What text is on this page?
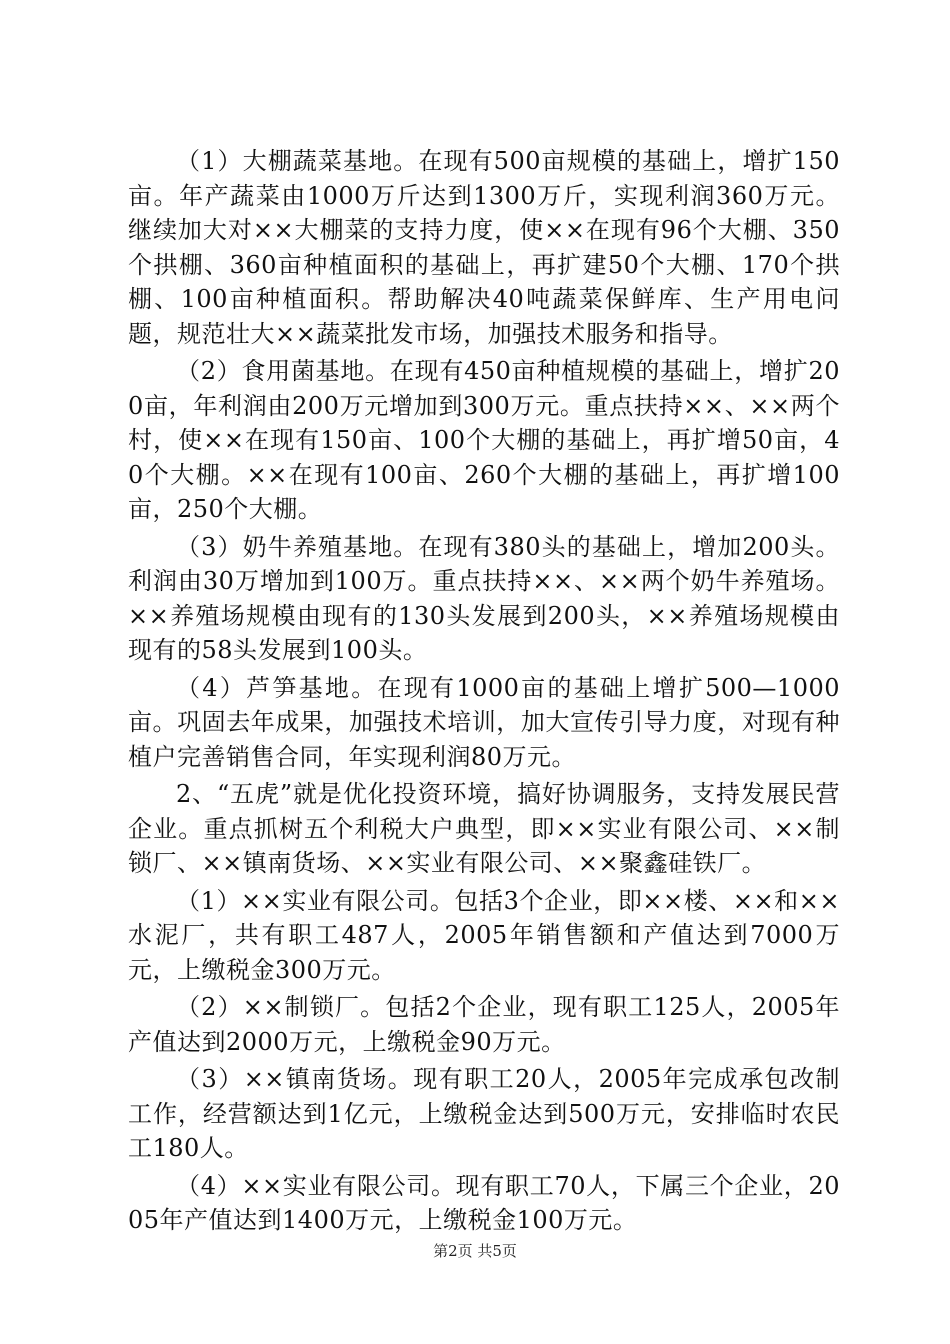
（1）大棚蔬菜基地。在现有500亩规模的基础上，增扩150亩。年产蔬菜由1000万斤达到1300万斤，实现利润360万元。继续加大对××大棚菜的支持力度，使××在现有96个大棚、350个拱棚、360亩种植面积的基础上，再扩建50个大棚、170个拱棚、100亩种植面积。帮助解决40吨蔬菜保鲜库、生产用电问题，规范壮大××蔬菜批发市场，加强技术服务和指导。

（2）食用菌基地。在现有450亩种植规模的基础上，增扩200亩，年利润由200万元增加到300万元。重点扶持××、××两个村，使××在现有150亩、100个大棚的基础上，再扩增50亩，40个大棚。××在现有100亩、260个大棚的基础上，再扩增100亩，250个大棚。

（3）奶牛养殖基地。在现有380头的基础上，增加200头。利润由30万增加到100万。重点扶持××、××两个奶牛养殖场。××养殖场规模由现有的130头发展到200头，××养殖场规模由现有的58头发展到100头。

（4）芦笋基地。在现有1000亩的基础上增扩500—1000亩。巩固去年成果，加强技术培训，加大宣传引导力度，对现有种植户完善销售合同，年实现利润80万元。

2、“五虎”就是优化投资环境，搞好协调服务，支持发展民营企业。重点抓树五个利税大户典型，即××实业有限公司、××制锁厂、××镇南货场、××实业有限公司、××聚鑫硅铁厂。

（1）××实业有限公司。包括3个企业，即××楼、××和××水泥厂，共有职工487人，2005年销售额和产值达到7000万元，上缴税金300万元。

（2）××制锁厂。包括2个企业，现有职工125人，2005年产值达到2000万元，上缴税金90万元。

（3）××镇南货场。现有职工20人，2005年完成承包改制工作，经营额达到1亿元，上缴税金达到500万元，安排临时农民工180人。

（4）××实业有限公司。现有职工70人，下属三个企业，2005年产值达到1400万元，上缴税金100万元。

第2页 共5页
